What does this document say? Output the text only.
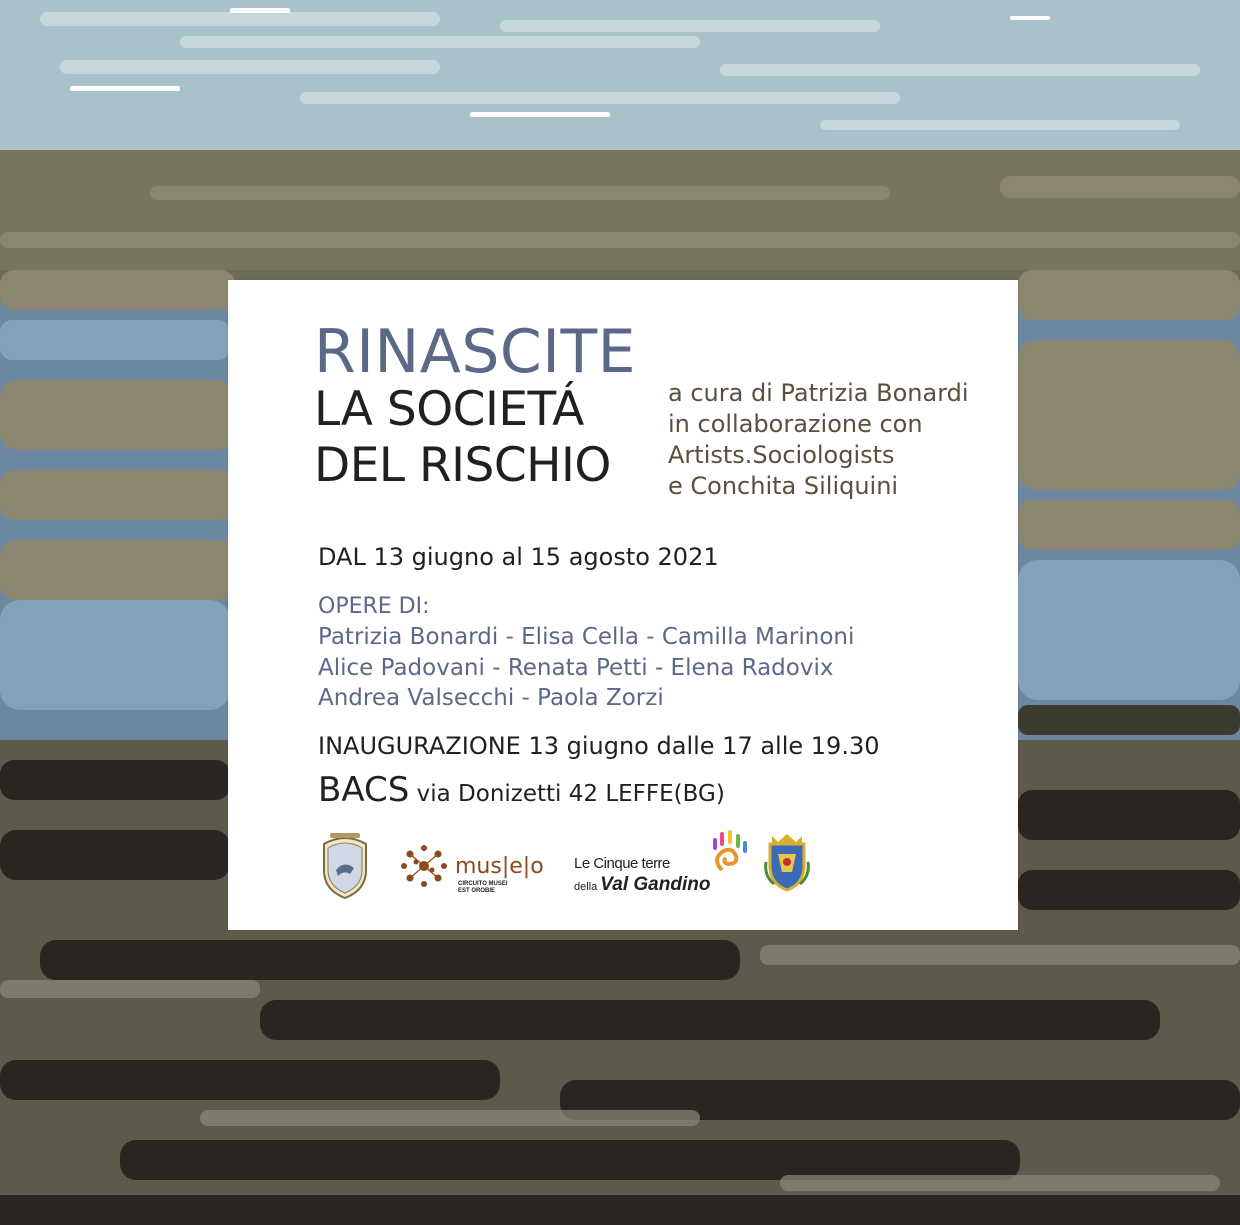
RINASCITE
LA SOCIETÁ
DEL RISCHIO
a cura di Patrizia Bonardi
in collaborazione con
Artists.Sociologists
e Conchita Siliquini
DAL 13 giugno al 15 agosto 2021
OPERE DI:
Patrizia Bonardi - Elisa Cella - Camilla Marinoni
Alice Padovani - Renata Petti - Elena Radovix
Andrea Valsecchi - Paola Zorzi
INAUGURAZIONE 13 giugno dalle 17 alle 19.30
BACS via Donizetti 42 LEFFE(BG)
mus|e|o
CIRCUITO MUSEI EST OROBIE
Le Cinque terre
della Val Gandino
